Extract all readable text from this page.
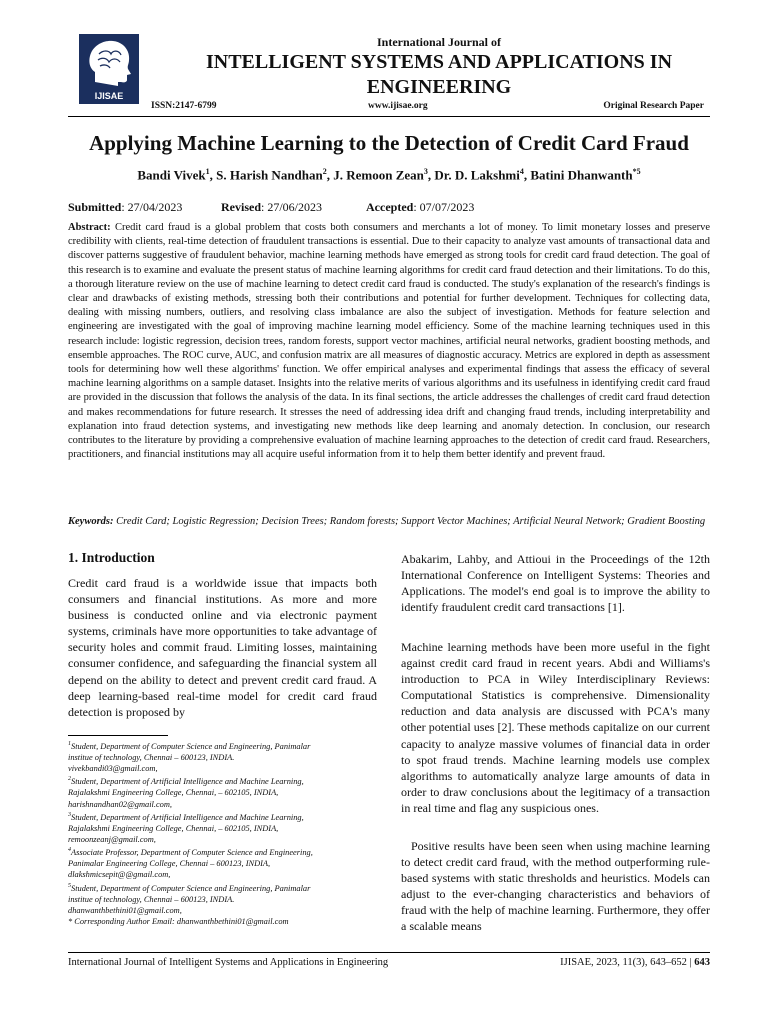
IJISAE
International Journal of
INTELLIGENT SYSTEMS AND APPLICATIONS IN ENGINEERING
ISSN:2147-6799	www.ijisae.org	Original Research Paper
Applying Machine Learning to the Detection of Credit Card Fraud
Bandi Vivek$^1$, S. Harish Nandhan$^2$, J. Remoon Zean$^3$, Dr. D. Lakshmi$^4$, Batini Dhanwanth$^{*5}$
Submitted: 27/04/2023	Revised: 27/06/2023	Accepted: 07/07/2023

Abstract: Credit card fraud is a global problem that costs both consumers and merchants a lot of money. To limit monetary losses and preserve credibility with clients, real-time detection of fraudulent transactions is essential. Due to their capacity to analyze vast amounts of transactional data and discover patterns suggestive of fraudulent behavior, machine learning methods have emerged as strong tools for credit card fraud detection. The goal of this research is to examine and evaluate the present status of machine learning algorithms for credit card fraud detection and their limitations. To do this, a thorough literature review on the use of machine learning to detect credit card fraud is conducted. The study's explanation of the research's findings is clear and drawbacks of existing methods, stressing both their contributions and potential for further development. Techniques for collecting data, dealing with missing numbers, outliers, and resolving class imbalance are also the subject of investigation. Methods for feature selection and engineering are investigated with the goal of improving machine learning model efficiency. Some of the machine learning techniques used in this research include: logistic regression, decision trees, random forests, support vector machines, artificial neural networks, gradient boosting methods, and ensemble approaches. The ROC curve, AUC, and confusion matrix are all measures of diagnostic accuracy. Metrics are explored in depth as assessment tools for determining how well these algorithms' function. We offer empirical analyses and experimental findings that assess the efficacy of several machine learning algorithms on a sample dataset. Insights into the relative merits of various algorithms and its usefulness in identifying credit card fraud are provided in the discussion that follows the analysis of the data. In its final sections, the article addresses the challenges of credit card fraud detection and makes recommendations for future research. It stresses the need of addressing idea drift and changing fraud trends, including interpretability and explanation into fraud detection systems, and investigating new methods like deep learning and anomaly detection. In conclusion, our research contributes to the literature by providing a comprehensive evaluation of machine learning approaches to the detection of credit card fraud. Researchers, practitioners, and financial institutions may all acquire useful information from it to help them better identify and prevent fraud.

Keywords: Credit Card; Logistic Regression; Decision Trees; Random forests; Support Vector Machines; Artificial Neural Network; Gradient Boosting

1. Introduction

Credit card fraud is a worldwide issue that impacts both consumers and financial institutions. As more and more business is conducted online and via electronic payment systems, criminals have more opportunities to take advantage of security holes and commit fraud. Limiting losses, maintaining consumer confidence, and safeguarding the financial system all depend on the ability to detect and prevent credit card fraud. A deep learning-based real-time model for credit card fraud detection is proposed by

Abakarim, Lahby, and Attioui in the Proceedings of the 12th International Conference on Intelligent Systems: Theories and Applications. The model's end goal is to improve the ability to identify fraudulent credit card transactions [1].

Machine learning methods have been more useful in the fight against credit card fraud in recent years. Abdi and Williams's introduction to PCA in Wiley Interdisciplinary Reviews: Computational Statistics is comprehensive. Dimensionality reduction and data analysis are discussed with PCA's many other potential uses [2]. These methods capitalize on our current capacity to analyze massive volumes of financial data in order to spot fraud trends. Machine learning models use complex algorithms to automatically analyze large amounts of data in order to draw conclusions about the legitimacy of a transaction in real time and flag any suspicious ones.

Positive results have been seen when using machine learning to detect credit card fraud, with the method outperforming rule-based systems with static thresholds and heuristics. Models can adjust to the ever-changing characteristics and behaviors of fraud with the help of machine learning. Furthermore, they offer a scalable means

$^1$Student, Department of Computer Science and Engineering, Panimalar
institue of technology, Chennai – 600123, INDIA.
vivekbandi03@gmail.com,
$^2$Student, Department of Artificial Intelligence and Machine Learning,
Rajalakshmi Engineering College, Chennai, – 602105, INDIA,
harishnandhan02@gmail.com,
$^3$Student, Department of Artificial Intelligence and Machine Learning,
Rajalakshmi Engineering College, Chennai, – 602105, INDIA,
remoonzeanj@gmail.com,
$^4$Associate Professor, Department of Computer Science and Engineering,
Panimalar Engineering College, Chennai – 600123, INDIA,
dlakshmicsepit@@gmail.com,
$^5$Student, Department of Computer Science and Engineering, Panimalar
institue of technology, Chennai – 600123, INDIA.
dhanwanthbethini01@gmail.com,
* Corresponding Author Email: dhanwanthbethini01@gmail.com
International Journal of Intelligent Systems and Applications in Engineering	IJISAE, 2023, 11(3), 643–652 | 643
